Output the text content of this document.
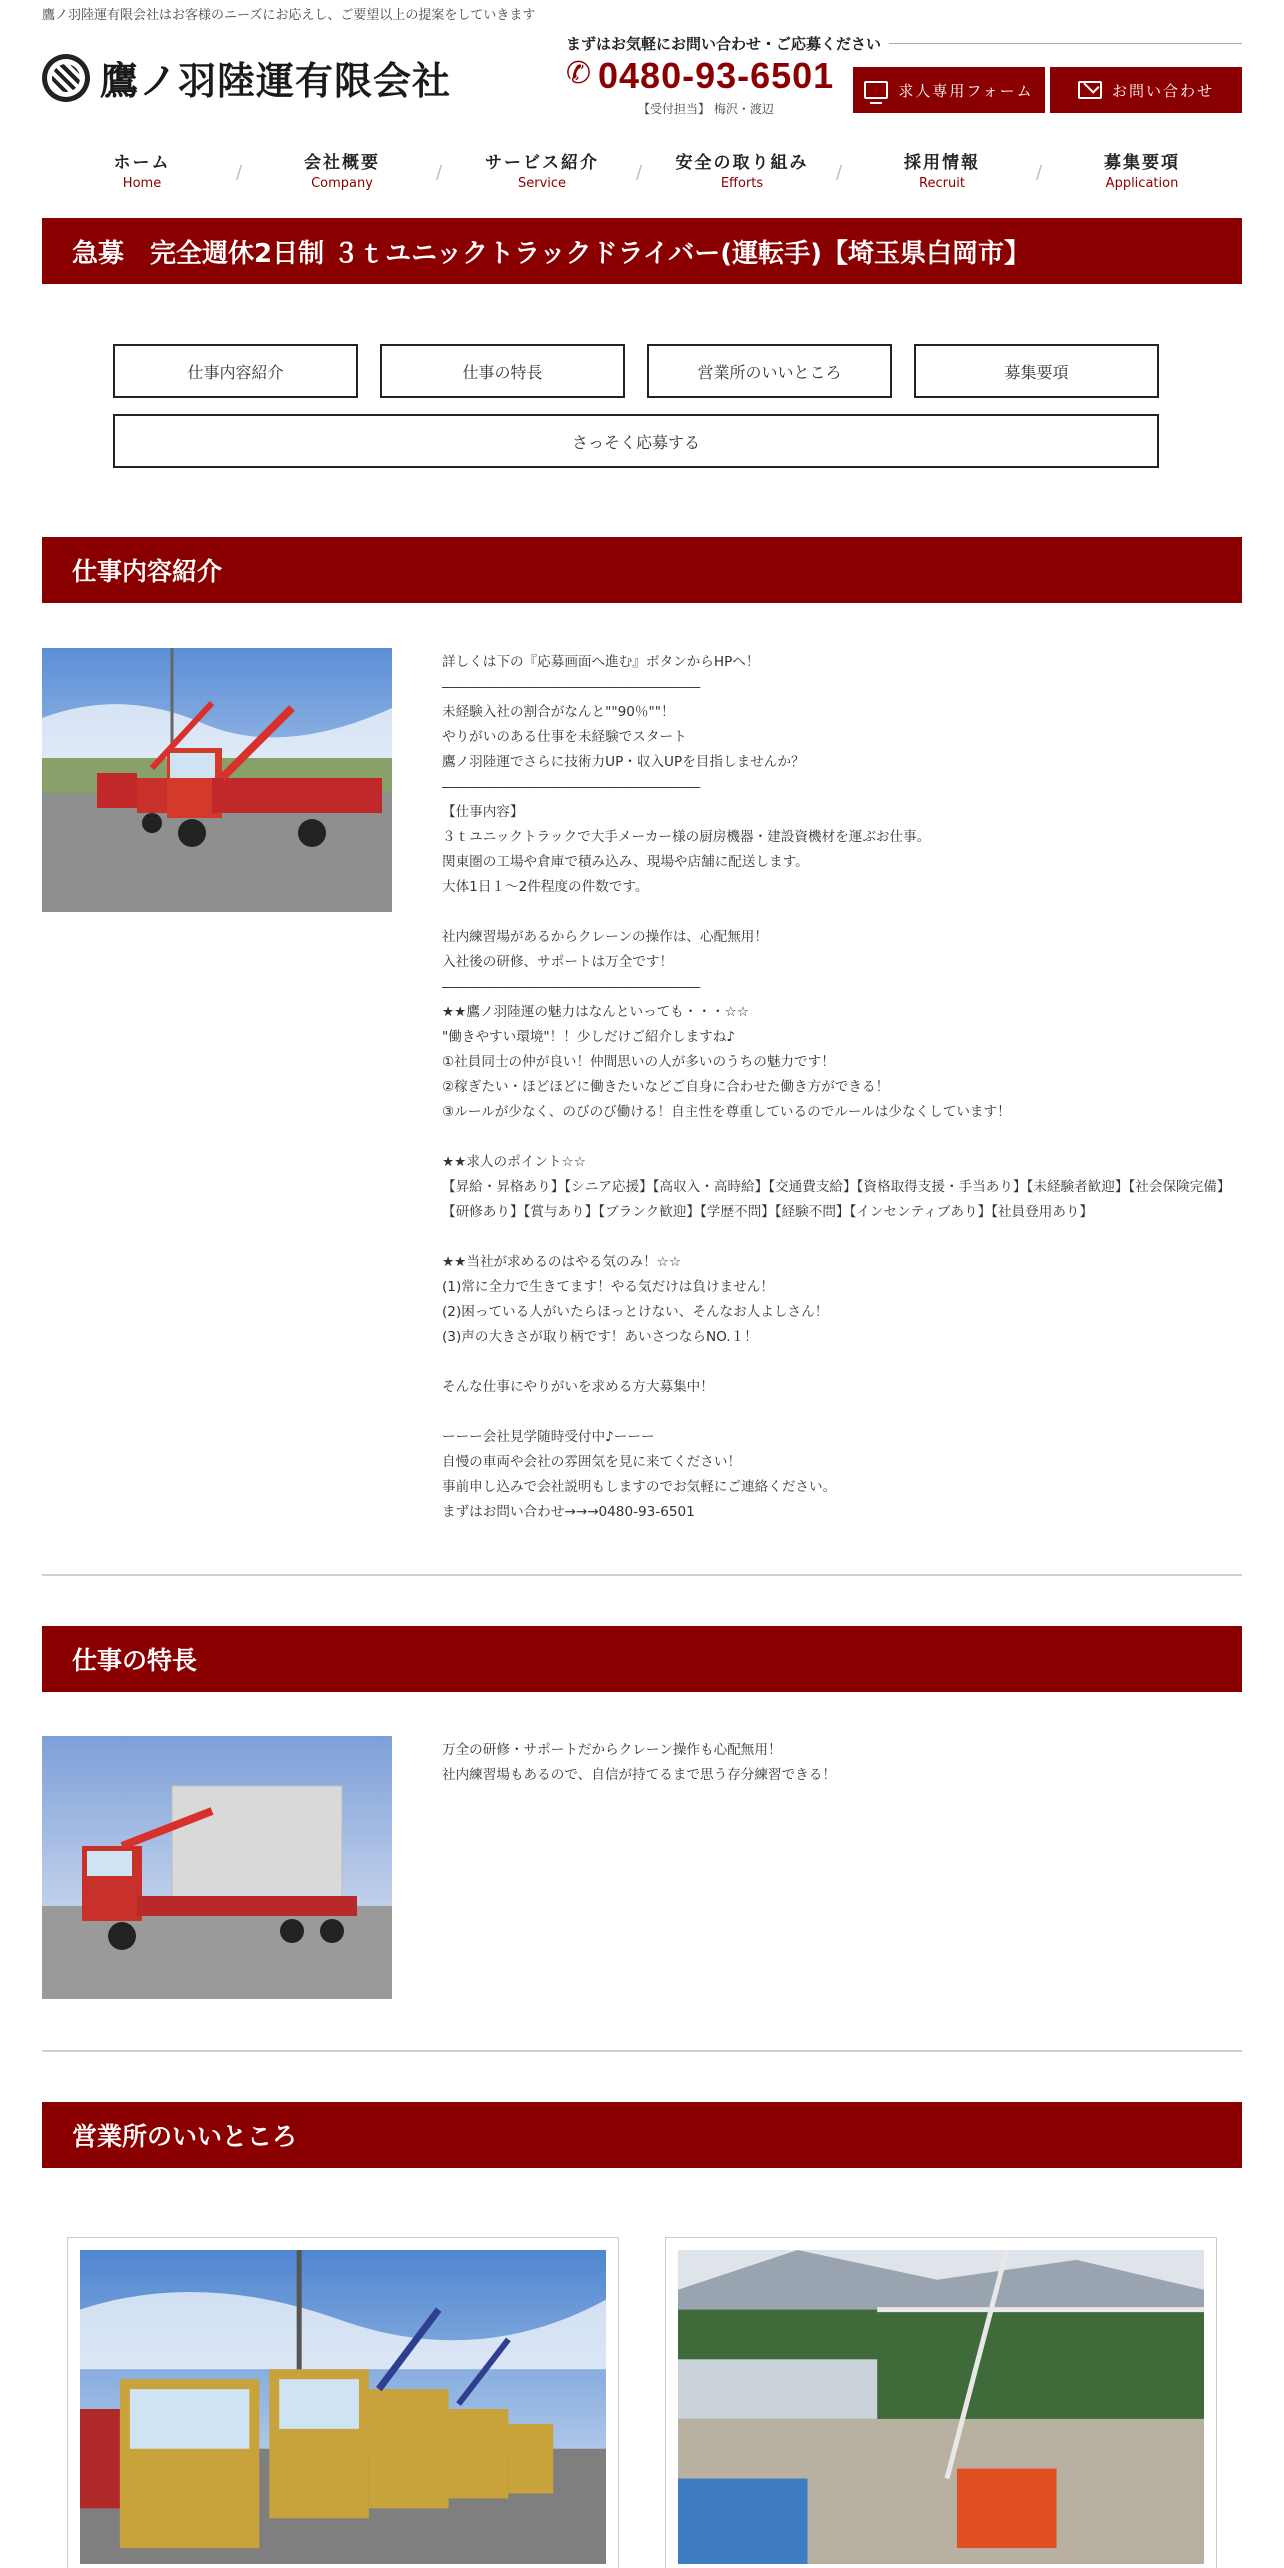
鷹ノ羽陸運有限会社はお客様のニーズにお応えし、ご要望以上の提案をしていきます
鷹ノ羽陸運有限会社
まずはお気軽にお問い合わせ・ご応募ください
✆
0480-93-6501
【受付担当】 梅沢・渡辺
求人専用フォーム	お問い合わせ
ホーム
Home
/ 会社概要
Company
/ サービス紹介
Service
/ 安全の取り組み
Efforts
/ 採用情報
Recruit
/ 募集要項
Application
急募　完全週休2日制 ３ｔユニックトラックドライバー(運転手)【埼玉県白岡市】
仕事内容紹介	仕事の特長	営業所のいいところ	募集要項
さっそく応募する
仕事内容紹介
詳しくは下の『応募画面へ進む』ボタンからHPへ！
―――――――――――――――――――
未経験入社の割合がなんと""90％""！
やりがいのある仕事を未経験でスタート
鷹ノ羽陸運でさらに技術力UP・収入UPを目指しませんか？
―――――――――――――――――――
【仕事内容】
３ｔユニックトラックで大手メーカー様の厨房機器・建設資機材を運ぶお仕事。
関東圏の工場や倉庫で積み込み、現場や店舗に配送します。
大体1日１～2件程度の件数です。

社内練習場があるからクレーンの操作は、心配無用！
入社後の研修、サポートは万全です！
―――――――――――――――――――
★★鷹ノ羽陸運の魅力はなんといっても・・・☆☆
"働きやすい環境"！！少しだけご紹介しますね♪
①社員同士の仲が良い！仲間思いの人が多いのうちの魅力です！
②稼ぎたい・ほどほどに働きたいなどご自身に合わせた働き方ができる！
③ルールが少なく、のびのび働ける！自主性を尊重しているのでルールは少なくしています！

★★求人のポイント☆☆
【昇給・昇格あり】【シニア応援】【高収入・高時給】【交通費支給】【資格取得支援・手当あり】【未経験者歓迎】【社会保険完備】【研修あり】【賞与あり】【ブランク歓迎】【学歴不問】【経験不問】【インセンティブあり】【社員登用あり】

★★当社が求めるのはやる気のみ！☆☆
(1)常に全力で生きてます！やる気だけは負けません！
(2)困っている人がいたらほっとけない、そんなお人よしさん！
(3)声の大きさが取り柄です！あいさつならNO.１！

そんな仕事にやりがいを求める方大募集中！

ーーー会社見学随時受付中♪ーーー
自慢の車両や会社の雰囲気を見に来てください！
事前申し込みで会社説明もしますのでお気軽にご連絡ください。
まずはお問い合わせ→→→0480-93-6501
仕事の特長
万全の研修・サポートだからクレーン操作も心配無用！
社内練習場もあるので、自信が持てるまで思う存分練習できる！
営業所のいいところ
